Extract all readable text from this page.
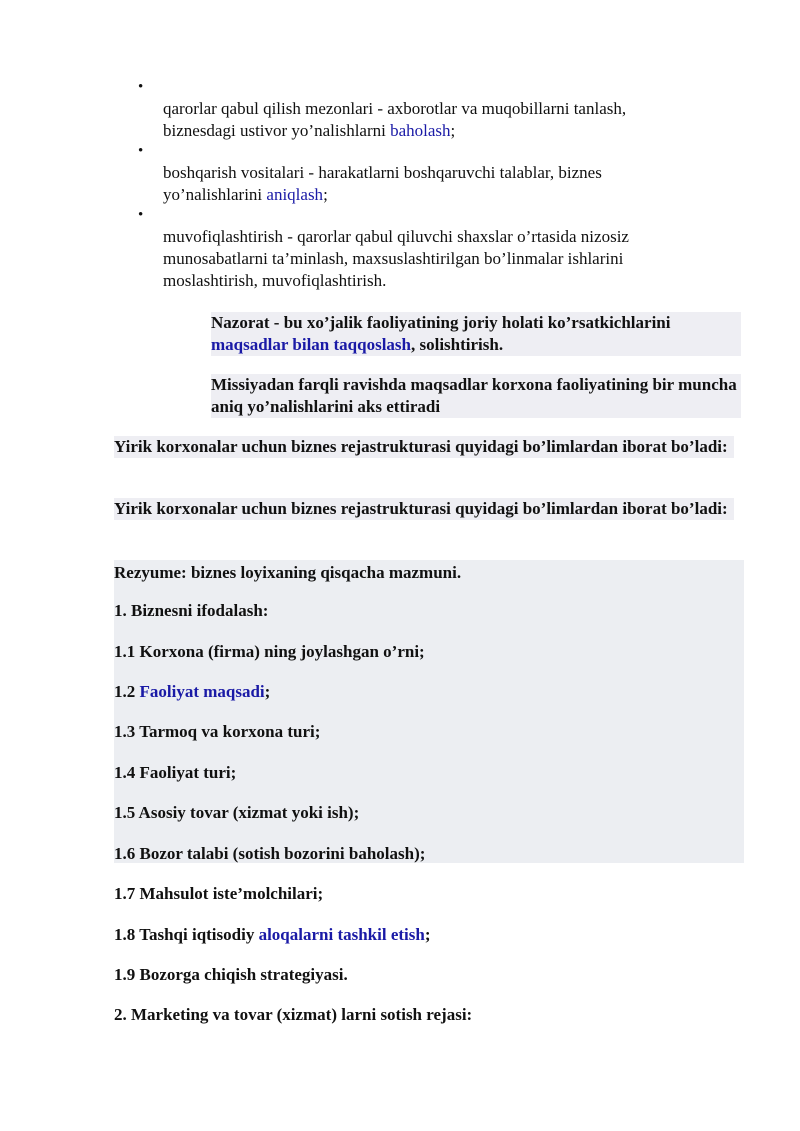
•
qarorlar qabul qilish mezonlari - axborotlar va muqobillarni tanlash, biznesdagi ustivor yo’nalishlarni baholash;
•
boshqarish vositalari - harakatlarni boshqaruvchi talablar, biznes yo’nalishlarini aniqlash;
•
muvofiqlashtirish - qarorlar qabul qiluvchi shaxslar o’rtasida nizosiz munosabatlarni ta’minlash, maxsuslashtirilgan bo’linmalar ishlarini moslashtirish, muvofiqlashtirish.
Nazorat - bu xo’jalik faoliyatining joriy holati ko’rsatkichlarini maqsadlar bilan taqqoslash, solishtirish.
Missiyadan farqli ravishda maqsadlar korxona faoliyatining bir muncha aniq yo’nalishlarini aks ettiradi
Yirik korxonalar uchun biznes rejastrukturasi quyidagi bo’limlardan iborat bo’ladi:
Yirik korxonalar uchun biznes rejastrukturasi quyidagi bo’limlardan iborat bo’ladi:
Rezyume: biznes loyixaning qisqacha mazmuni.
1. Biznesni ifodalash:
1.1 Korxona (firma) ning joylashgan o’rni;
1.2 Faoliyat maqsadi;
1.3 Tarmoq va korxona turi;
1.4 Faoliyat turi;
1.5 Asosiy tovar (xizmat yoki ish);
1.6 Bozor talabi (sotish bozorini baholash);
1.7 Mahsulot iste’molchilari;
1.8 Tashqi iqtisodiy aloqalarni tashkil etish;
1.9 Bozorga chiqish strategiyasi.
2. Marketing va tovar (xizmat) larni sotish rejasi:
